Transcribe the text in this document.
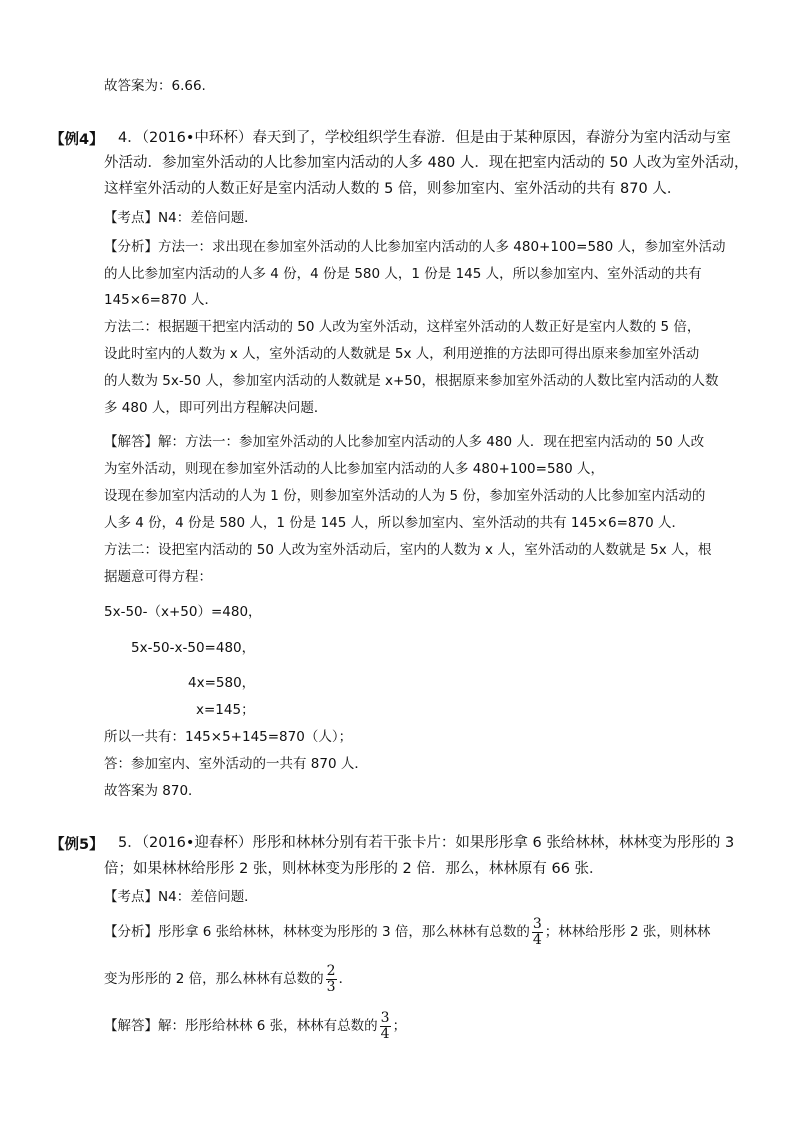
故答案为：6.66.
【例4】 4．（2016•中环杯）春天到了，学校组织学生春游．但是由于某种原因，春游分为室内活动与室
外活动．参加室外活动的人比参加室内活动的人多 480 人．现在把室内活动的 50 人改为室外活动，
这样室外活动的人数正好是室内活动人数的 5 倍，则参加室内、室外活动的共有 870 人．
【考点】N4：差倍问题．
【分析】方法一：求出现在参加室外活动的人比参加室内活动的人多 480+100=580 人，参加室外活动
的人比参加室内活动的人多 4 份，4 份是 580 人，1 份是 145 人，所以参加室内、室外活动的共有
145×6=870 人．
方法二：根据题干把室内活动的 50 人改为室外活动，这样室外活动的人数正好是室内人数的 5 倍，
设此时室内的人数为 x 人，室外活动的人数就是 5x 人，利用逆推的方法即可得出原来参加室外活动
的人数为 5x-50 人，参加室内活动的人数就是 x+50，根据原来参加室外活动的人数比室内活动的人数
多 480 人，即可列出方程解决问题．
【解答】解：方法一：参加室外活动的人比参加室内活动的人多 480 人．现在把室内活动的 50 人改
为室外活动，则现在参加室外活动的人比参加室内活动的人多 480+100=580 人，
设现在参加室内活动的人为 1 份，则参加室外活动的人为 5 份，参加室外活动的人比参加室内活动的
人多 4 份，4 份是 580 人，1 份是 145 人，所以参加室内、室外活动的共有 145×6=870 人．
方法二：设把室内活动的 50 人改为室外活动后，室内的人数为 x 人，室外活动的人数就是 5x 人，根
据题意可得方程：
5x-50-（x+50）=480，
5x-50-x-50=480，
4x=580，
x=145；
所以一共有：145×5+145=870（人）；
答：参加室内、室外活动的一共有 870 人．
故答案为 870．
【例5】 5．（2016•迎春杯）彤彤和林林分别有若干张卡片：如果彤彤拿 6 张给林林，林林变为彤彤的 3
倍；如果林林给彤彤 2 张，则林林变为彤彤的 2 倍．那么，林林原有 66 张．
【考点】N4：差倍问题．
【分析】彤彤拿 6 张给林林，林林变为彤彤的 3 倍，那么林林有总数的 $\frac{3}{4}$ ；林林给彤彤 2 张，则林林
变为彤彤的 2 倍，那么林林有总数的 $\frac{2}{3}$ ．
【解答】解：彤彤给林林 6 张，林林有总数的 $\frac{3}{4}$ ；
